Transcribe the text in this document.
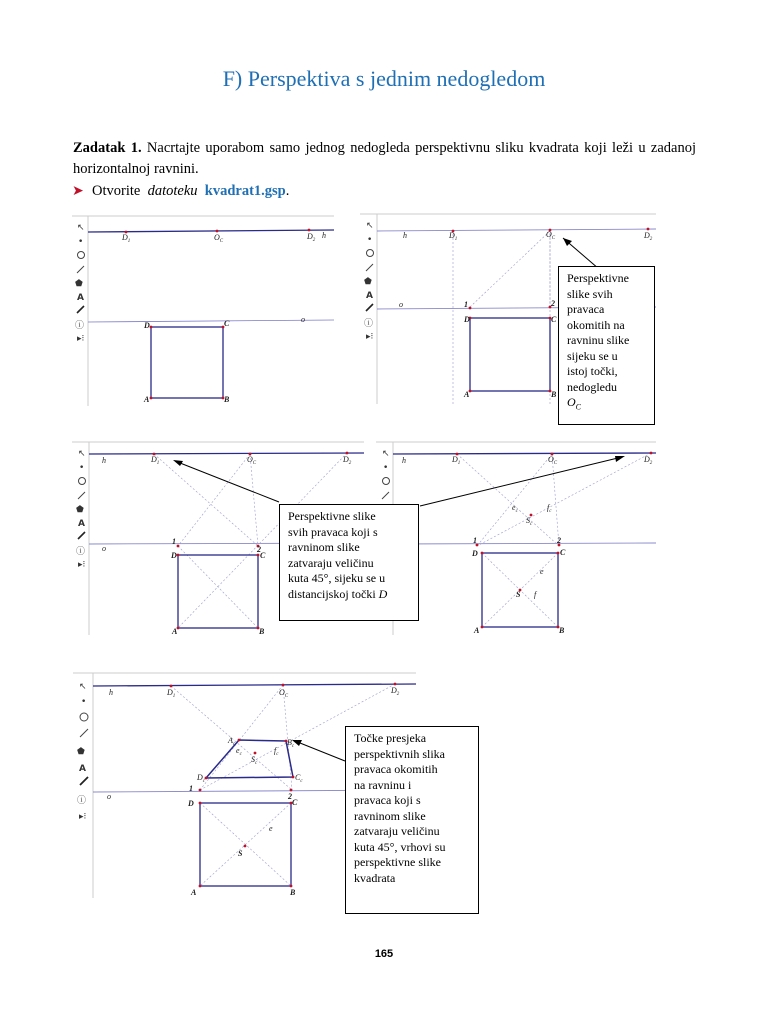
F) Perspektiva s jednim nedogledom
Zadatak 1. Nacrtajte uporabom samo jednog nedogleda perspektivnu sliku kvadrata koji leži u zadanoj horizontalnoj ravnini.
➤ Otvorite datoteku kvadrat1.gsp.
↖
•
⬟
A
ⓘ
▸⁝
$D_1$	$O_C$
$D_2$
h
o
D	C
A	B
↖
•
⬟
A
ⓘ
▸⁝
$D_1$
$O_C$	$D_2$
h
o	1	2
D	C
A	B
Perspektivne
slike svih
pravaca
okomitih na
ravninu slike
sijeku se u
istoj točki,
nedogledu
$O_C$
↖
•
⬟
A
ⓘ
▸⁝
$D_1$	$O_C$	$D_2$
h
o
1
2
D	C
A	B
↖
•
$D_1$	$O_C$	$D_2$
h
$e_c$	$f_c$
$S_c$
1	2
D	C
A	B
e
f
S
Perspektivne slike
svih pravaca koji s
ravninom slike
zatvaraju veličinu
kuta 45°, sijeku se u
distancijskoj točki D
↖
•
⬟
A
ⓘ
▸⁝
$D_1$	$O_C$
$D_2$
h
o
$A_c$	$B_c$
$C_c$
$D_c$
$e_c$	$f_c$
$S_c$
1
2
D	C
A	B
e
S
Točke presjeka
perspektivnih slika
pravaca okomitih
na ravninu i
pravaca koji s
ravninom slike
zatvaraju veličinu
kuta 45°, vrhovi su
perspektivne slike
kvadrata
165
